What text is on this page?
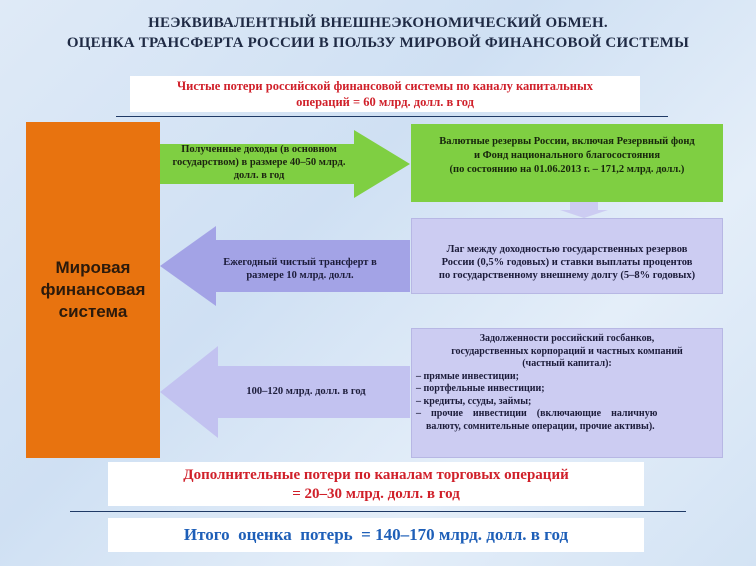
НЕЭКВИВАЛЕНТНЫЙ ВНЕШНЕЭКОНОМИЧЕСКИЙ ОБМЕН.
ОЦЕНКА ТРАНСФЕРТА РОССИИ В ПОЛЬЗУ МИРОВОЙ ФИНАНСОВОЙ СИСТЕМЫ
Чистые потери российской финансовой системы по каналу капитальных
операций = 60 млрд. долл. в год
Мировая
финансовая
система
Полученные доходы (в основном
государством) в размере 40–50 млрд.
долл. в год
Валютные резервы России, включая Резервный фонд
и Фонд национального благосостояния
(по состоянию на 01.06.2013 г. – 171,2 млрд. долл.)
Ежегодный чистый трансферт в
размере 10 млрд. долл.
Лаг между доходностью государственных резервов
России (0,5% годовых) и ставки выплаты процентов
по государственному внешнему долгу (5–8% годовых)
100–120 млрд. долл. в год
Задолженности российский госбанков,
государственных корпораций и частных компаний
(частный капитал):
– прямые инвестиции;
– портфельные инвестиции;
– кредиты, ссуды, займы;
–    прочие    инвестиции    (включающие    наличную
валюту, сомнительные операции, прочие активы).
Дополнительные потери по каналам торговых операций
= 20–30 млрд. долл. в год
Итого  оценка  потерь  = 140–170 млрд. долл. в год
